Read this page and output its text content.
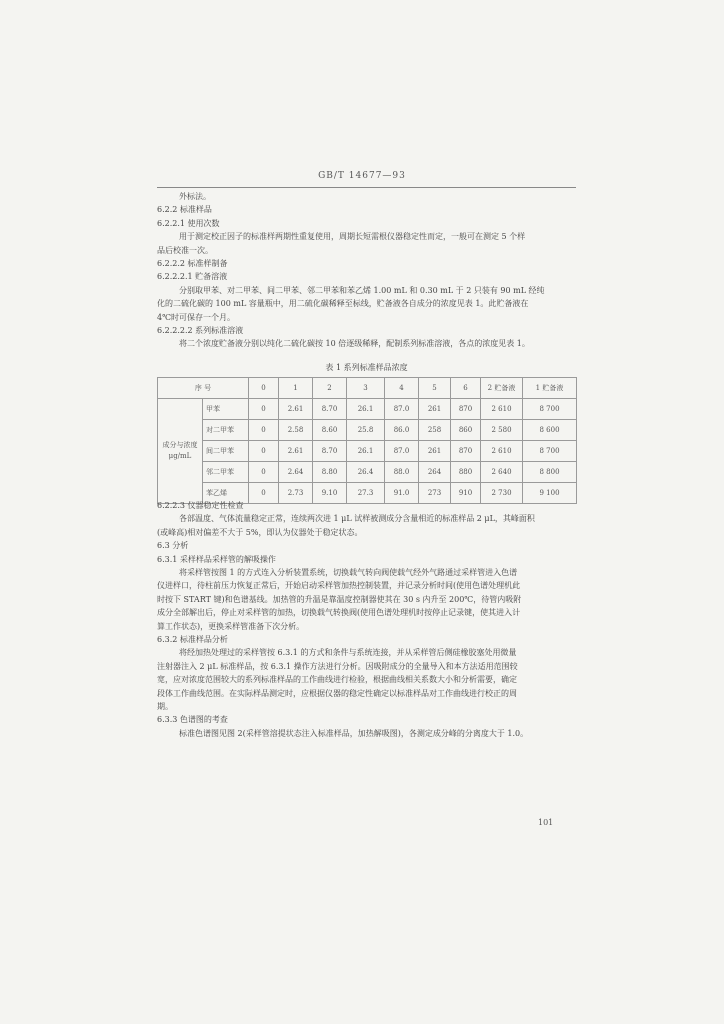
GB/T 14677—93
外标法。
6.2.2 标准样品
6.2.2.1 使用次数
用于测定校正因子的标准样两期性重复使用，周期长短需根仪器稳定性而定，一般可在测定 5 个样
品后校准一次。
6.2.2.2 标准样制备
6.2.2.2.1 贮备溶液
分别取甲苯、对二甲苯、间二甲苯、邻二甲苯和苯乙烯 1.00 mL 和 0.30 mL 于 2 只装有 90 mL 经纯
化的二硫化碳的 100 mL 容量瓶中，用二硫化碳稀释至标线，贮备液各自成分的浓度见表 1。此贮备液在
4℃时可保存一个月。
6.2.2.2.2 系列标准溶液
将二个浓度贮备液分别以纯化二硫化碳按 10 倍逐级稀释，配制系列标准溶液，各点的浓度见表 1。
表 1 系列标准样品浓度
序 号		0	1	2	3	4	5	6	2 贮备液	1 贮备液
成分与浓度 μg/mL	甲苯	0	2.61	8.70	26.1	87.0	261	870	2 610	8 700
	对二甲苯	0	2.58	8.60	25.8	86.0	258	860	2 580	8 600
	间二甲苯	0	2.61	8.70	26.1	87.0	261	870	2 610	8 700
	邻二甲苯	0	2.64	8.80	26.4	88.0	264	880	2 640	8 800
	苯乙烯	0	2.73	9.10	27.3	91.0	273	910	2 730	9 100
6.2.2.3 仪器稳定性检查
各部温度、气体流量稳定正常，连续两次进 1 μL 试样被测成分含量相近的标准样品 2 μL，其峰面积
(或峰高)相对偏差不大于 5%，即认为仪器处于稳定状态。
6.3 分析
6.3.1 采样样品采样管的解吸操作
将采样管按图 1 的方式连入分析装置系统，切换载气转向阀使载气经外气路通过采样管进入色谱
仪进样口，待柱前压力恢复正常后，开始启动采样管加热控制装置，并记录分析时间(使用色谱处理机此
时按下 START 键)和色谱基线。加热管的升温是靠温度控制器使其在 30 s 内升至 200℃，待管内吸附
成分全部解出后，停止对采样管的加热，切换载气转换阀(使用色谱处理机时按停止记录键，使其进入计
算工作状态)，更换采样管准备下次分析。
6.3.2 标准样品分析
将经加热处理过的采样管按 6.3.1 的方式和条件与系统连接，并从采样管后侧硅橡胶塞处用微量
注射器注入 2 μL 标准样品，按 6.3.1 操作方法进行分析。因吸附成分的全量导入和本方法适用范围较
宽，应对浓度范围较大的系列标准样品的工作曲线进行检验，根据曲线相关系数大小和分析需要，确定
段体工作曲线范围。在实际样品测定时，应根据仪器的稳定性确定以标准样品对工作曲线进行校正的周
期。
6.3.3 色谱图的考查
标准色谱图见图 2(采样管溶提状态注入标准样品，加热解吸图)，各测定成分峰的分离度大于 1.0。
101
